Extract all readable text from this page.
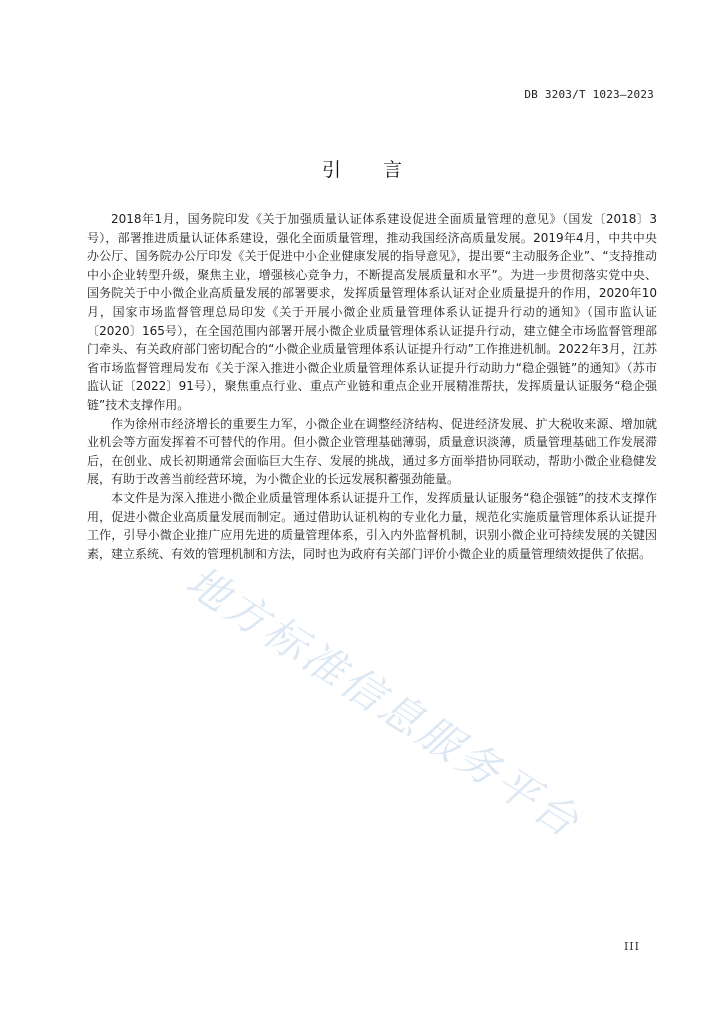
DB 3203/T 1023—2023
引言

2018年1月，国务院印发《关于加强质量认证体系建设促进全面质量管理的意见》（国发〔2018〕3号），部署推进质量认证体系建设，强化全面质量管理，推动我国经济高质量发展。2019年4月，中共中央办公厅、国务院办公厅印发《关于促进中小企业健康发展的指导意见》，提出要“主动服务企业”、“支持推动中小企业转型升级，聚焦主业，增强核心竞争力，不断提高发展质量和水平”。为进一步贯彻落实党中央、国务院关于中小微企业高质量发展的部署要求，发挥质量管理体系认证对企业质量提升的作用，2020年10月，国家市场监督管理总局印发《关于开展小微企业质量管理体系认证提升行动的通知》（国市监认证〔2020〕165号），在全国范围内部署开展小微企业质量管理体系认证提升行动，建立健全市场监督管理部门牵头、有关政府部门密切配合的“小微企业质量管理体系认证提升行动”工作推进机制。2022年3月，江苏省市场监督管理局发布《关于深入推进小微企业质量管理体系认证提升行动助力“稳企强链”的通知》（苏市监认证〔2022〕91号），聚焦重点行业、重点产业链和重点企业开展精准帮扶，发挥质量认证服务“稳企强链”技术支撑作用。

作为徐州市经济增长的重要生力军，小微企业在调整经济结构、促进经济发展、扩大税收来源、增加就业机会等方面发挥着不可替代的作用。但小微企业管理基础薄弱，质量意识淡薄，质量管理基础工作发展滞后，在创业、成长初期通常会面临巨大生存、发展的挑战，通过多方面举措协同联动，帮助小微企业稳健发展，有助于改善当前经营环境，为小微企业的长远发展积蓄强劲能量。

本文件是为深入推进小微企业质量管理体系认证提升工作，发挥质量认证服务“稳企强链”的技术支撑作用，促进小微企业高质量发展而制定。通过借助认证机构的专业化力量，规范化实施质量管理体系认证提升工作，引导小微企业推广应用先进的质量管理体系，引入内外监督机制，识别小微企业可持续发展的关键因素，建立系统、有效的管理机制和方法，同时也为政府有关部门评价小微企业的质量管理绩效提供了依据。

地方标准信息服务平台
III
